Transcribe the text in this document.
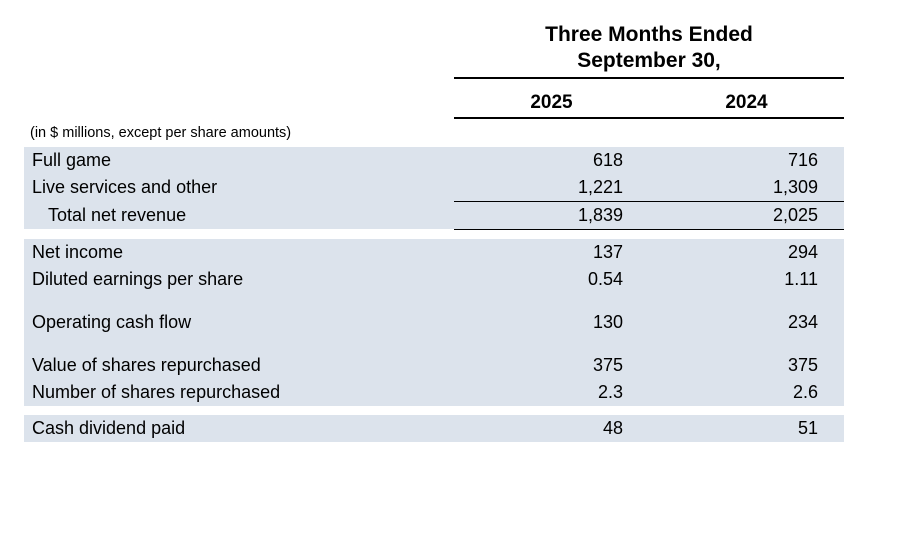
	Three Months Ended
September 30,	

	2025	2024

(in $ millions, except per share amounts)		
Full game	618	716
Live services and other	1,221	1,309
Total net revenue	1,839	2,025

Net income	137	294
Diluted earnings per share	0.54	1.11

Operating cash flow	130	234

Value of shares repurchased	375	375
Number of shares repurchased	2.3	2.6

Cash dividend paid	48	51
